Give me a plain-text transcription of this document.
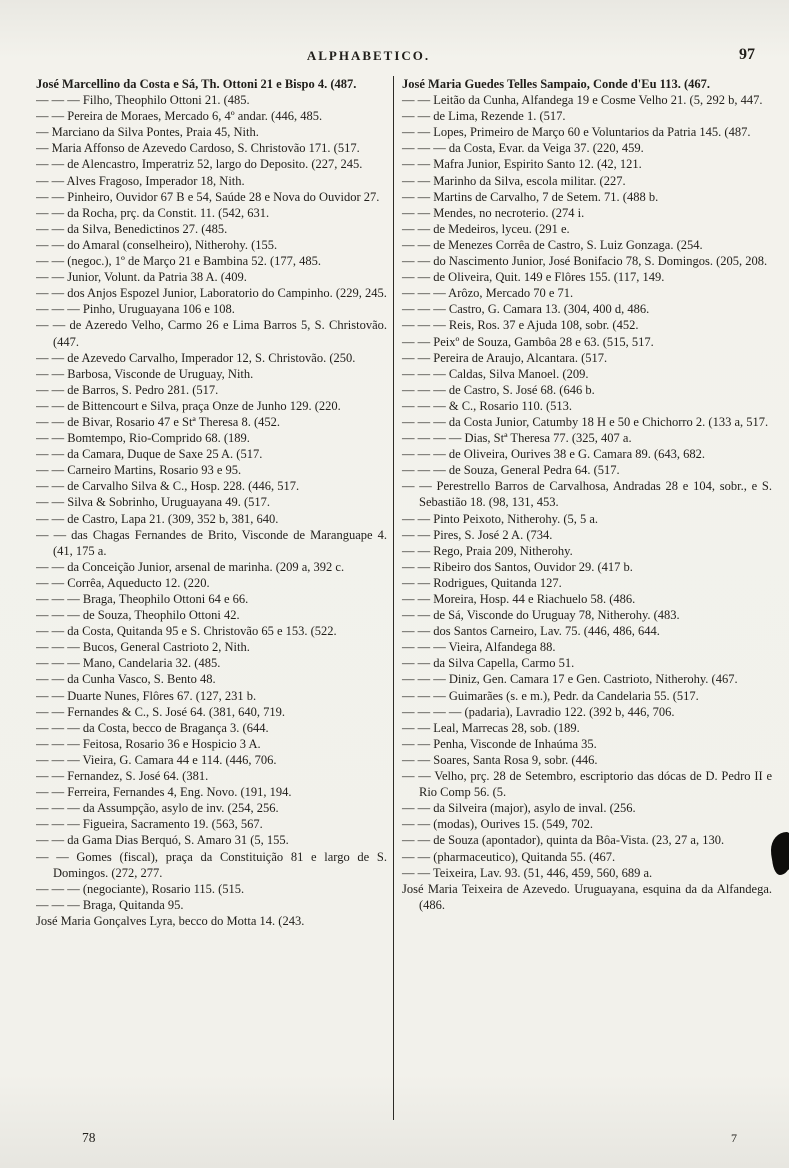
ALPHABETICO.	97
José Marcellino da Costa e Sá, Th. Ottoni 21 e Bispo 4. (487.
— — — Filho, Theophilo Ottoni 21. (485.
— — Pereira de Moraes, Mercado 6, 4º andar. (446, 485.
— Marciano da Silva Pontes, Praia 45, Nith.
— Maria Affonso de Azevedo Cardoso, S. Christovão 171. (517.
— — de Alencastro, Imperatriz 52, largo do Deposito. (227, 245.
— — Alves Fragoso, Imperador 18, Nith.
— — Pinheiro, Ouvidor 67 B e 54, Saúde 28 e Nova do Ouvidor 27.
— — da Rocha, prç. da Constit. 11. (542, 631.
— — da Silva, Benedictinos 27. (485.
— — do Amaral (conselheiro), Nitherohy. (155.
— — (negoc.), 1º de Março 21 e Bambina 52. (177, 485.
— — Junior, Volunt. da Patria 38 A. (409.
— — dos Anjos Espozel Junior, Laboratorio do Campinho. (229, 245.
— — — Pinho, Uruguayana 106 e 108.
— — de Azeredo Velho, Carmo 26 e Lima Barros 5, S. Christovão. (447.
— — de Azevedo Carvalho, Imperador 12, S. Christovão. (250.
— — Barbosa, Visconde de Uruguay, Nith.
— — de Barros, S. Pedro 281. (517.
— — de Bittencourt e Silva, praça Onze de Junho 129. (220.
— — de Bivar, Rosario 47 e Stª Theresa 8. (452.
— — Bomtempo, Rio-Comprido 68. (189.
— — da Camara, Duque de Saxe 25 A. (517.
— — Carneiro Martins, Rosario 93 e 95.
— — de Carvalho Silva & C., Hosp. 228. (446, 517.
— — Silva & Sobrinho, Uruguayana 49. (517.
— — de Castro, Lapa 21. (309, 352 b, 381, 640.
— — das Chagas Fernandes de Brito, Visconde de Maranguape 4. (41, 175 a.
— — da Conceição Junior, arsenal de marinha. (209 a, 392 c.
— — Corrêa, Aqueducto 12. (220.
— — — Braga, Theophilo Ottoni 64 e 66.
— — — de Souza, Theophilo Ottoni 42.
— — da Costa, Quitanda 95 e S. Christovão 65 e 153. (522.
— — — Bucos, General Castrioto 2, Nith.
— — — Mano, Candelaria 32. (485.
— — da Cunha Vasco, S. Bento 48.
— — Duarte Nunes, Flôres 67. (127, 231 b.
— — Fernandes & C., S. José 64. (381, 640, 719.
— — — da Costa, becco de Bragança 3. (644.
— — — Feitosa, Rosario 36 e Hospicio 3 A.
— — — Vieira, G. Camara 44 e 114. (446, 706.
— — Fernandez, S. José 64. (381.
— — Ferreira, Fernandes 4, Eng. Novo. (191, 194.
— — — da Assumpção, asylo de inv. (254, 256.
— — — Figueira, Sacramento 19. (563, 567.
— — da Gama Dias Berquó, S. Amaro 31 (5, 155.
— — Gomes (fiscal), praça da Constituição 81 e largo de S. Domingos. (272, 277.
— — — (negociante), Rosario 115. (515.
— — — Braga, Quitanda 95.
José Maria Gonçalves Lyra, becco do Motta 14. (243.
José Maria Guedes Telles Sampaio, Conde d'Eu 113. (467.
— — Leitão da Cunha, Alfandega 19 e Cosme Velho 21. (5, 292 b, 447.
— — de Lima, Rezende 1. (517.
— — Lopes, Primeiro de Março 60 e Voluntarios da Patria 145. (487.
— — — da Costa, Evar. da Veiga 37. (220, 459.
— — Mafra Junior, Espirito Santo 12. (42, 121.
— — Marinho da Silva, escola militar. (227.
— — Martins de Carvalho, 7 de Setem. 71. (488 b.
— — Mendes, no necroterio. (274 i.
— — de Medeiros, lyceu. (291 e.
— — de Menezes Corrêa de Castro, S. Luiz Gonzaga. (254.
— — do Nascimento Junior, José Bonifacio 78, S. Domingos. (205, 208.
— — de Oliveira, Quit. 149 e Flôres 155. (117, 149.
— — — Arôzo, Mercado 70 e 71.
— — — Castro, G. Camara 13. (304, 400 d, 486.
— — — Reis, Ros. 37 e Ajuda 108, sobr. (452.
— — Peixº de Souza, Gambôa 28 e 63. (515, 517.
— — Pereira de Araujo, Alcantara. (517.
— — — Caldas, Silva Manoel. (209.
— — — de Castro, S. José 68. (646 b.
— — — & C., Rosario 110. (513.
— — — da Costa Junior, Catumby 18 H e 50 e Chichorro 2. (133 a, 517.
— — — — Dias, Stª Theresa 77. (325, 407 a.
— — — de Oliveira, Ourives 38 e G. Camara 89. (643, 682.
— — — de Souza, General Pedra 64. (517.
— — Perestrello Barros de Carvalhosa, Andradas 28 e 104, sobr., e S. Sebastião 18. (98, 131, 453.
— — Pinto Peixoto, Nitherohy. (5, 5 a.
— — Pires, S. José 2 A. (734.
— — Rego, Praia 209, Nitherohy.
— — Ribeiro dos Santos, Ouvidor 29. (417 b.
— — Rodrigues, Quitanda 127.
— — Moreira, Hosp. 44 e Riachuelo 58. (486.
— — de Sá, Visconde do Uruguay 78, Nitherohy. (483.
— — dos Santos Carneiro, Lav. 75. (446, 486, 644.
— — — Vieira, Alfandega 88.
— — da Silva Capella, Carmo 51.
— — — Diniz, Gen. Camara 17 e Gen. Castrioto, Nitherohy. (467.
— — — Guimarães (s. e m.), Pedr. da Candelaria 55. (517.
— — — — (padaria), Lavradio 122. (392 b, 446, 706.
— — Leal, Marrecas 28, sob. (189.
— — Penha, Visconde de Inhaúma 35.
— — Soares, Santa Rosa 9, sobr. (446.
— — Velho, prç. 28 de Setembro, escriptorio das dócas de D. Pedro II e Rio Comp 56. (5.
— — da Silveira (major), asylo de inval. (256.
— — (modas), Ourives 15. (549, 702.
— — de Souza (apontador), quinta da Bôa-Vista. (23, 27 a, 130.
— — (pharmaceutico), Quitanda 55. (467.
— — Teixeira, Lav. 93. (51, 446, 459, 560, 689 a.
José Maria Teixeira de Azevedo. Uruguayana, esquina da da Alfandega. (486.
78	7
